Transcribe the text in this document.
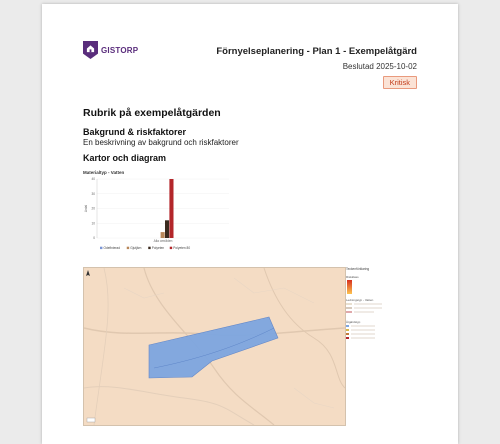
GISTORP	Förnyelseplanering - Plan 1 - Exempelåtgärd
Beslutad 2025-10-02
Kritisk
Rubrik på exempelåtgärden
Bakgrund & riskfaktorer
En beskrivning av bakgrund och riskfaktorer
Kartor och diagram
Materialtyp - Vatten
0
10
20
30
40
Antal
Alla områden
Odefinierad	Gjutjärn	Polyeten	Polyeten 80
Teckenförklaring
Riskklass
Ledningstyp - Vatten
Åtgärdstyp
